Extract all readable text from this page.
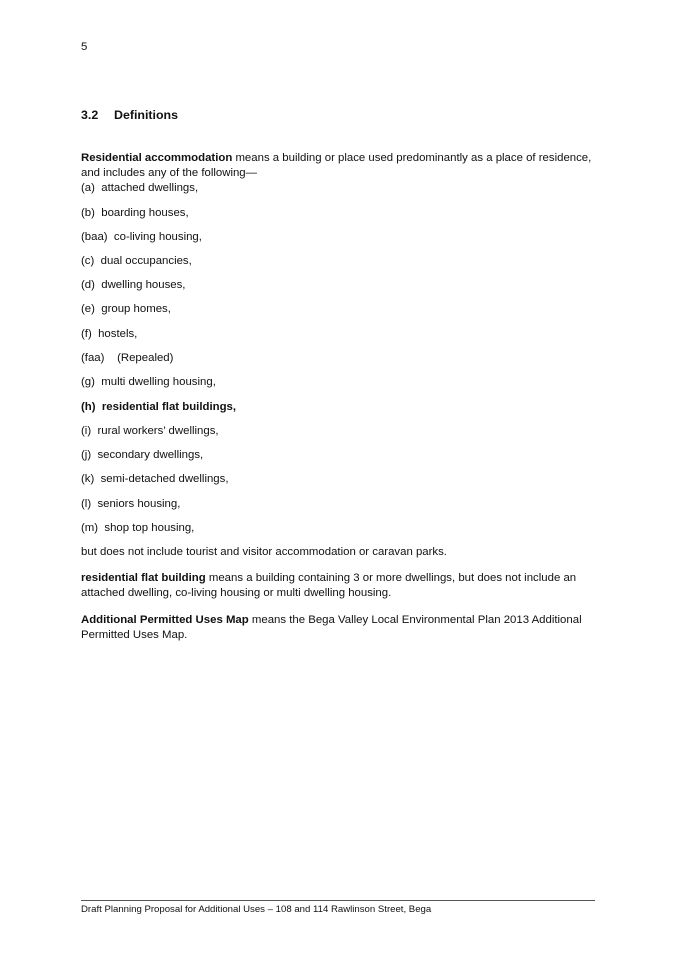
5
3.2 Definitions
Residential accommodation means a building or place used predominantly as a place of residence, and includes any of the following—
(a)  attached dwellings,
(b)  boarding houses,
(baa)  co-living housing,
(c)  dual occupancies,
(d)  dwelling houses,
(e)  group homes,
(f)  hostels,
(faa)    (Repealed)
(g)  multi dwelling housing,
(h)  residential flat buildings,
(i)  rural workers’ dwellings,
(j)  secondary dwellings,
(k)  semi-detached dwellings,
(l)  seniors housing,
(m)  shop top housing,
but does not include tourist and visitor accommodation or caravan parks.
residential flat building means a building containing 3 or more dwellings, but does not include an attached dwelling, co-living housing or multi dwelling housing.
Additional Permitted Uses Map means the Bega Valley Local Environmental Plan 2013 Additional Permitted Uses Map.
Draft Planning Proposal for Additional Uses – 108 and 114 Rawlinson Street, Bega
